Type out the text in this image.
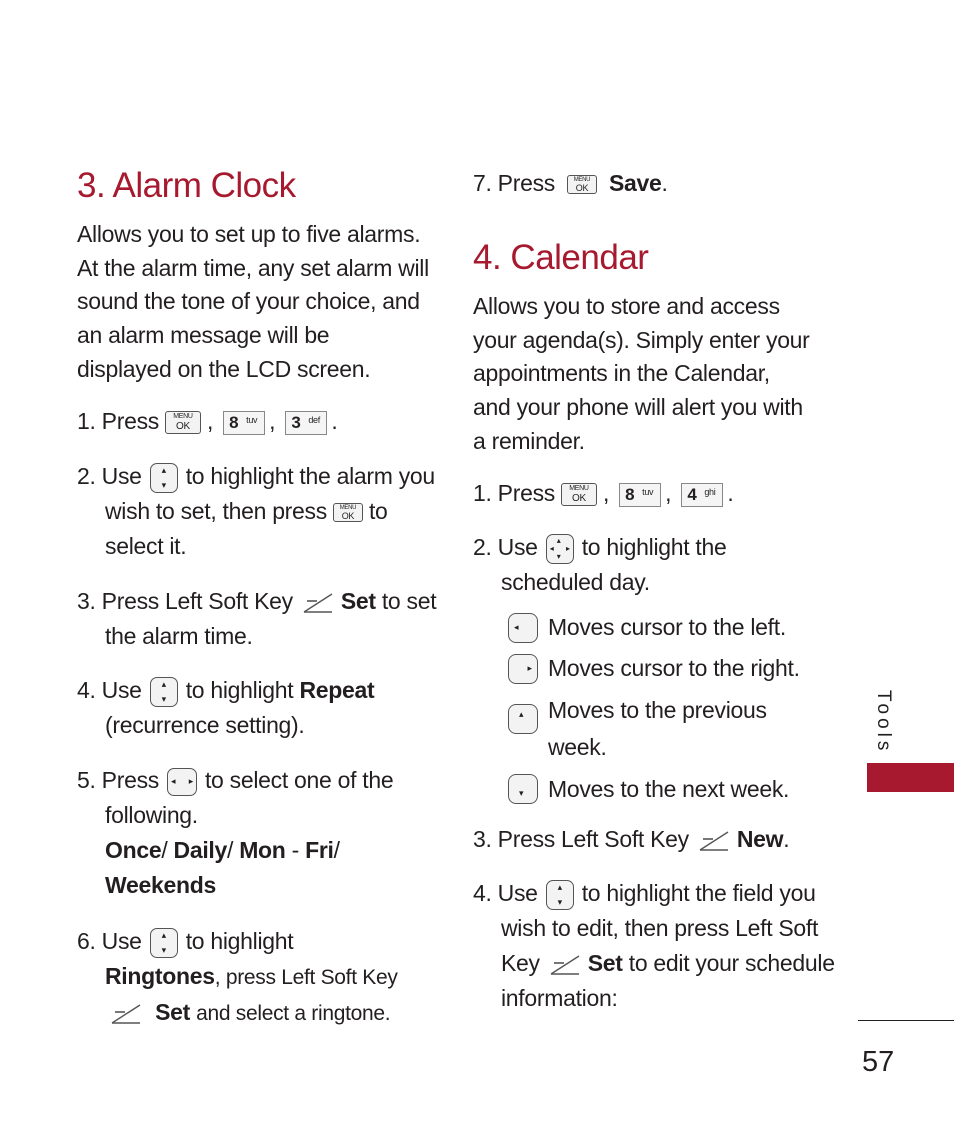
3. Alarm Clock

Allows you to set up to five alarms. At the alarm time, any set alarm will sound the tone of your choice, and an alarm message will be displayed on the LCD screen.

1. Press MENU OK , 8 tuv , 3 def .

2. Use ▴ ▾ to highlight the alarm you wish to set, then pressMENU OK to select it.

3. Press Left Soft Key Set to set the alarm time.

4. Use ▴ ▾ to highlight Repeat (recurrence setting).

5. Press ◂ ▸ to select one of the following.
Once/ Daily/ Mon - Fri/
Weekends

6. Use ▴ ▾ to highlight
Ringtones, press Left Soft Key

Set and select a ringtone.

7. Press MENU OK Save.

4. Calendar

Allows you to store and access your agenda(s). Simply enter your appointments in the Calendar, and your phone will alert you with a reminder.

1. Press MENU OK , 8 tuv , 4 ghi .

2. Use ▴
▾
◂ ▸ to highlight the scheduled day.

◂ Moves cursor to the left.

▸ Moves cursor to the right.

▴ Moves to the previous week.

▾ Moves to the next week.

3. Press Left Soft Key New.

4. Use ▴ ▾ to highlight the field you wish to edit, then press Left Soft Key Set to edit your schedule information:

Tools
57
